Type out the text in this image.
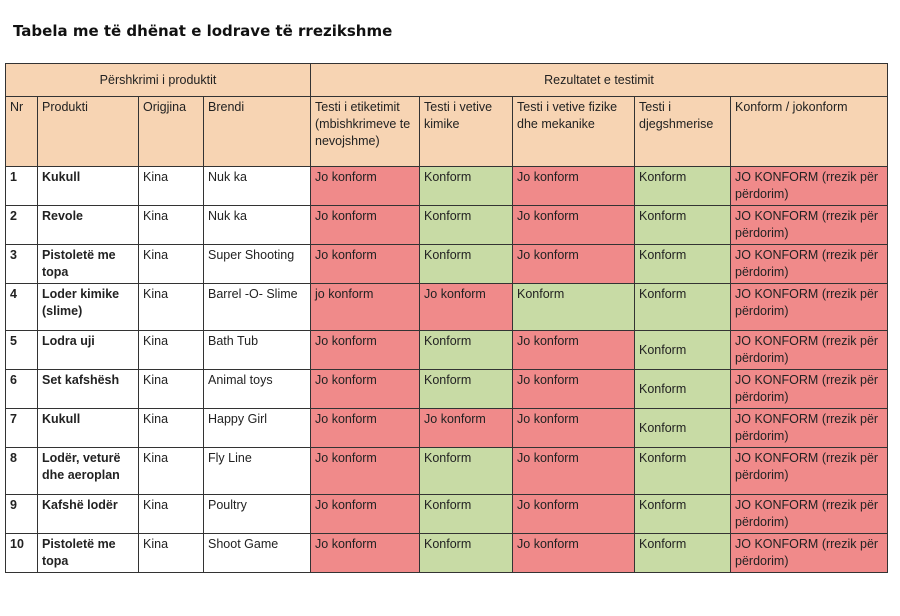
Tabela me të dhënat e lodrave të rrezikshme
Përshkrimi i produktit				Rezultatet e testimit				
Nr	Produkti	Origjina	Brendi	Testi i etiketimit (mbishkrimeve te nevojshme)	Testi i vetive kimike	Testi i vetive fizike dhe mekanike	Testi i djegshmerise	Konform / jokonform
1	Kukull	Kina	Nuk ka	Jo konform	Konform	Jo konform	Konform	JO KONFORM (rrezik për përdorim)
2	Revole	Kina	Nuk ka	Jo konform	Konform	Jo konform	Konform	JO KONFORM (rrezik për përdorim)
3	Pistoletë me topa	Kina	Super Shooting	Jo konform	Konform	Jo konform	Konform	JO KONFORM (rrezik për përdorim)
4	Loder kimike (slime)	Kina	Barrel -O- Slime	jo konform	Jo konform	Konform	Konform	JO KONFORM (rrezik për përdorim)
5	Lodra uji	Kina	Bath Tub	Jo konform	Konform	Jo konform	Konform	JO KONFORM (rrezik për përdorim)
6	Set kafshësh	Kina	Animal toys	Jo konform	Konform	Jo konform	Konform	JO KONFORM (rrezik për përdorim)
7	Kukull	Kina	Happy Girl	Jo konform	Jo konform	Jo konform	Konform	JO KONFORM (rrezik për përdorim)
8	Lodër, veturë dhe aeroplan	Kina	Fly Line	Jo konform	Konform	Jo konform	Konform	JO KONFORM (rrezik për përdorim)
9	Kafshë lodër	Kina	Poultry	Jo konform	Konform	Jo konform	Konform	JO KONFORM (rrezik për përdorim)
10	Pistoletë me topa	Kina	Shoot Game	Jo konform	Konform	Jo konform	Konform	JO KONFORM (rrezik për përdorim)
